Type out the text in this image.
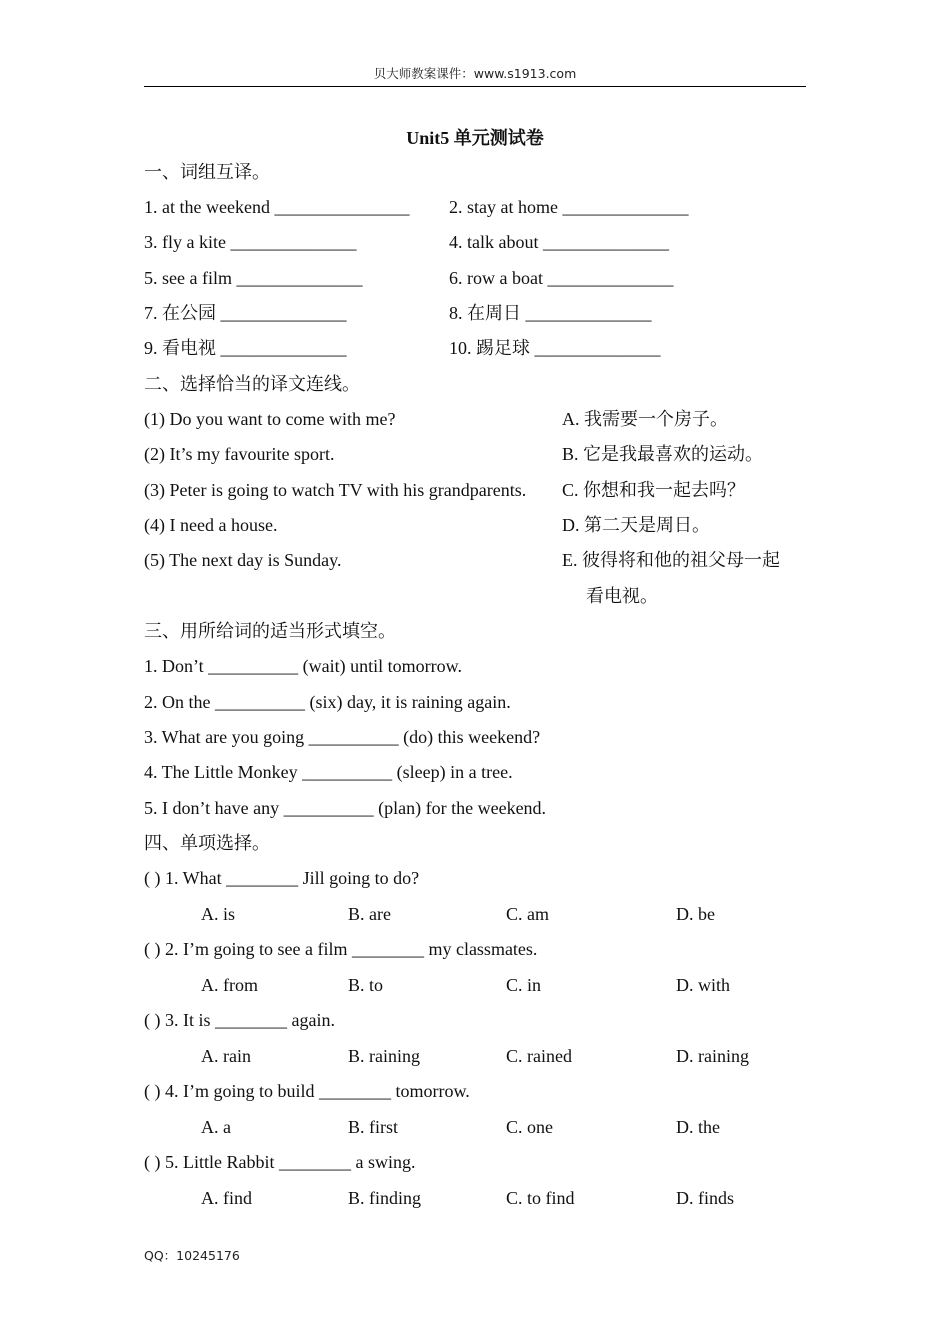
贝大师教案课件：www.s1913.com
Unit5 单元测试卷
一、词组互译。
1. at the weekend _______________ 2. stay at home ______________
3. fly a kite ______________	4. talk about ______________
5. see a film ______________	6. row a boat ______________
7. 在公园 ______________	8. 在周日 ______________
9. 看电视 ______________	10. 踢足球 ______________
二、选择恰当的译文连线。
(1) Do you want to come with me?	A. 我需要一个房子。
(2) It’s my favourite sport.	B. 它是我最喜欢的运动。
(3) Peter is going to watch TV with his grandparents. C. 你想和我一起去吗？
(4) I need a house.	D. 第二天是周日。
(5) The next day is Sunday.	E. 彼得将和他的祖父母一起
看电视。
三、用所给词的适当形式填空。
1. Don’t __________ (wait) until tomorrow.
2. On the __________ (six) day, it is raining again.
3. What are you going __________ (do) this weekend?
4. The Little Monkey __________ (sleep) in a tree.
5. I don’t have any __________ (plan) for the weekend.
四、单项选择。
( ) 1. What ________ Jill going to do?
A. is	B. are	C. am	D. be
( ) 2. I’m going to see a film ________ my classmates.
A. from	B. to	C. in	D. with
( ) 3. It is ________ again.
A. rain	B. raining	C. rained	D. raining
( ) 4. I’m going to build ________ tomorrow.
A. a	B. first	C. one	D. the
( ) 5. Little Rabbit ________ a swing.
A. find	B. finding	C. to find	D. finds
QQ：10245176
